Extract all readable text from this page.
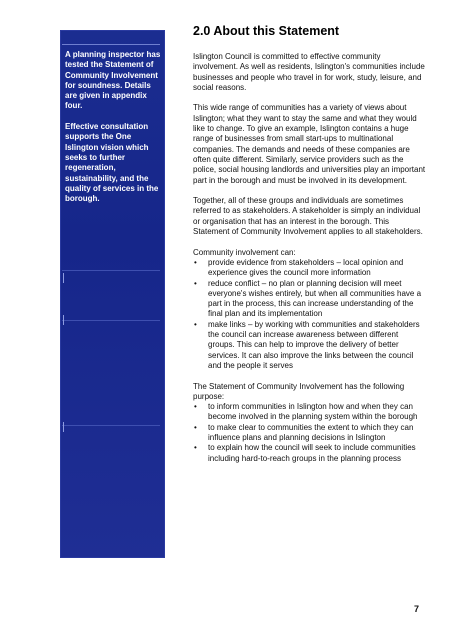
A planning inspector has tested the Statement of Community Involvement for soundness. Details are given in appendix four.

Effective consultation supports the One Islington vision which seeks to further regeneration, sustainability, and the quality of services in the borough.

2.0 About this Statement

Islington Council is committed to effective community involvement. As well as residents, Islington's communities include businesses and people who travel in for work, study, leisure, and social reasons.

This wide range of communities has a variety of views about Islington; what they want to stay the same and what they would like to change. To give an example, Islington contains a huge range of businesses from small start-ups to multinational companies. The demands and needs of these companies are often quite different. Similarly, service providers such as the police, social housing landlords and universities play an important part in the borough and must be involved in its development.

Together, all of these groups and individuals are sometimes referred to as stakeholders. A stakeholder is simply an individual or organisation that has an interest in the borough. This Statement of Community Involvement applies to all stakeholders.

Community involvement can:

• provide evidence from stakeholders – local opinion and experience gives the council more information
• reduce conflict – no plan or planning decision will meet everyone's wishes entirely, but when all communities have a part in the process, this can increase understanding of the final plan and its implementation
• make links – by working with communities and stakeholders the council can increase awareness between different groups. This can help to improve the delivery of better services. It can also improve the links between the council and the people it serves

The Statement of Community Involvement has the following purpose:

• to inform communities in Islington how and when they can become involved in the planning system within the borough
• to make clear to communities the extent to which they can influence plans and planning decisions in Islington
• to explain how the council will seek to include communities including hard-to-reach groups in the planning process
7
